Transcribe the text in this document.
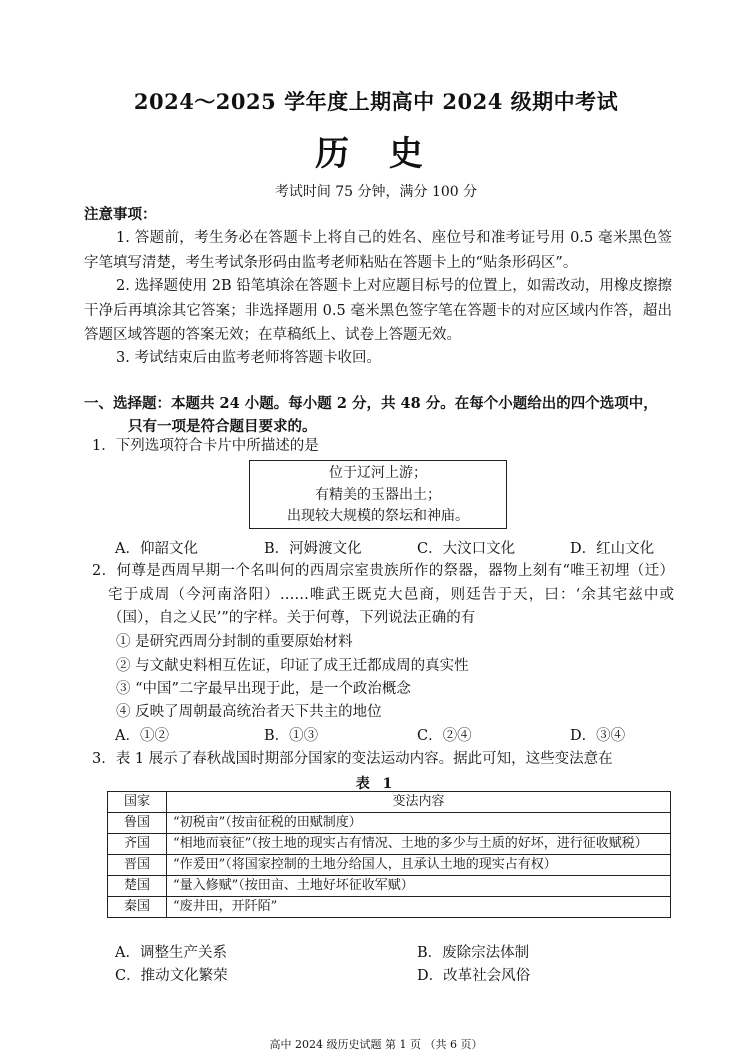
2024～2025 学年度上期高中 2024 级期中考试
历 史
考试时间 75 分钟，满分 100 分
注意事项：
1. 答题前，考生务必在答题卡上将自己的姓名、座位号和准考证号用 0.5 毫米黑色签字笔填写清楚，考生考试条形码由监考老师粘贴在答题卡上的“贴条形码区”。
2. 选择题使用 2B 铅笔填涂在答题卡上对应题目标号的位置上，如需改动，用橡皮擦擦干净后再填涂其它答案；非选择题用 0.5 毫米黑色签字笔在答题卡的对应区域内作答，超出答题区域答题的答案无效；在草稿纸上、试卷上答题无效。
3. 考试结束后由监考老师将答题卡收回。
一、选择题：本题共 24 小题。每小题 2 分，共 48 分。在每个小题给出的四个选项中，
只有一项是符合题目要求的。
1．下列选项符合卡片中所描述的是
位于辽河上游；
有精美的玉器出土；
出现较大规模的祭坛和神庙。
A．仰韶文化	B．河姆渡文化	C．大汶口文化	D．红山文化
2．何尊是西周早期一个名叫何的西周宗室贵族所作的祭器，器物上刻有“唯王初埋（迁）宅于成周（今河南洛阳）……唯武王既克大邑商，则廷告于天，曰：‘余其宅兹中或（国），自之乂民’”的字样。关于何尊，下列说法正确的有
① 是研究西周分封制的重要原始材料
② 与文献史料相互佐证，印证了成王迁都成周的真实性
③ “中国”二字最早出现于此，是一个政治概念
④ 反映了周朝最高统治者天下共主的地位
A．①②	B．①③	C．②④	D．③④
3．表 1 展示了春秋战国时期部分国家的变法运动内容。据此可知，这些变法意在
表 1
国家	变法内容
鲁国	“初税亩”（按亩征税的田赋制度）
齐国	“相地而衰征”（按土地的现实占有情况、土地的多少与土质的好坏，进行征收赋税）
晋国	“作爰田”（将国家控制的土地分给国人，且承认土地的现实占有权）
楚国	“量入修赋”（按田亩、土地好坏征收军赋）
秦国	“废井田，开阡陌”
A．调整生产关系	B．废除宗法体制
C．推动文化繁荣	D．改革社会风俗
高中 2024 级历史试题 第 1 页 （共 6 页）
